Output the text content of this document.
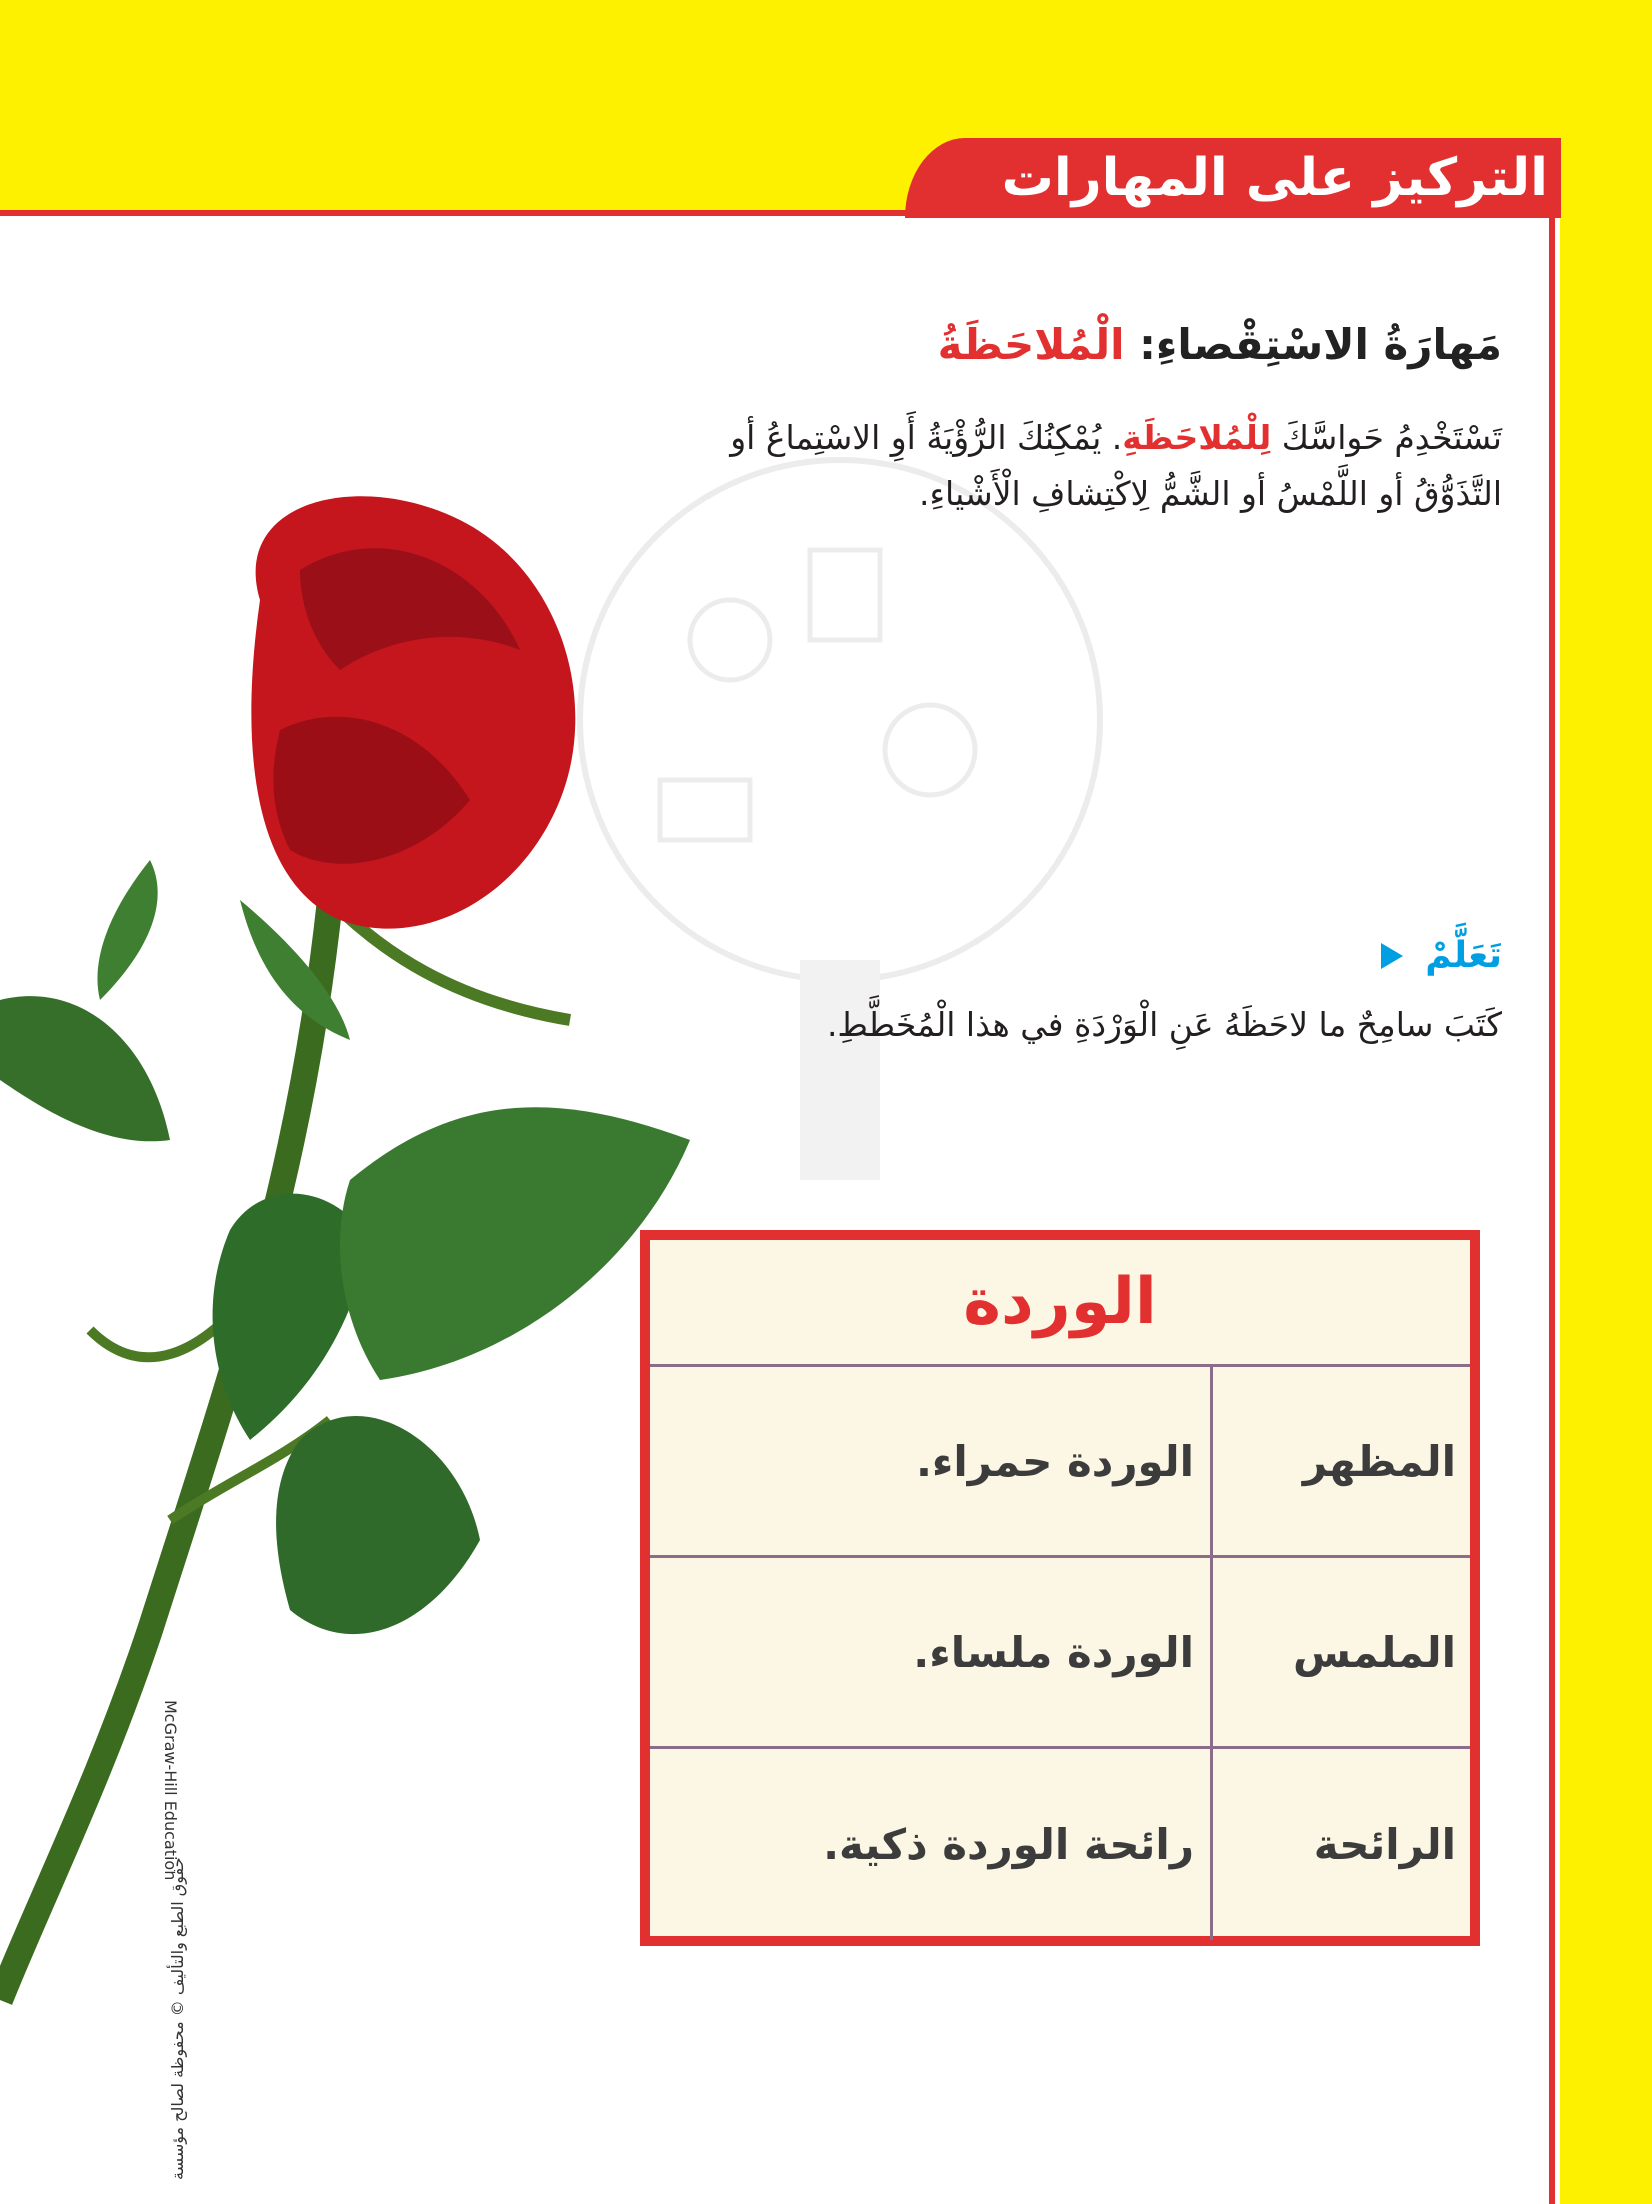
التركيز على المهارات
مَهارَةُ الاسْتِقْصاءِ: الْمُلاحَظَةُ
تَسْتَخْدِمُ حَواسَّكَ لِلْمُلاحَظَةِ. يُمْكِنُكَ الرُّؤْيَةُ أَوِ الاسْتِماعُ أو التَّذَوُّقُ أو اللَّمْسُ أو الشَّمُّ لِاكْتِشافِ الْأَشْياءِ.
تَعَلَّمْ
كَتَبَ سامِحٌ ما لاحَظَهُ عَنِ الْوَرْدَةِ في هذا الْمُخَطَّطِ.
الوردة
المظهر
الوردة حمراء.
الملمس
الوردة ملساء.
الرائحة
رائحة الوردة ذكية.
McGraw-Hill Education
حقوق الطبع والتأليف © محفوظة لصالح مؤسسة
